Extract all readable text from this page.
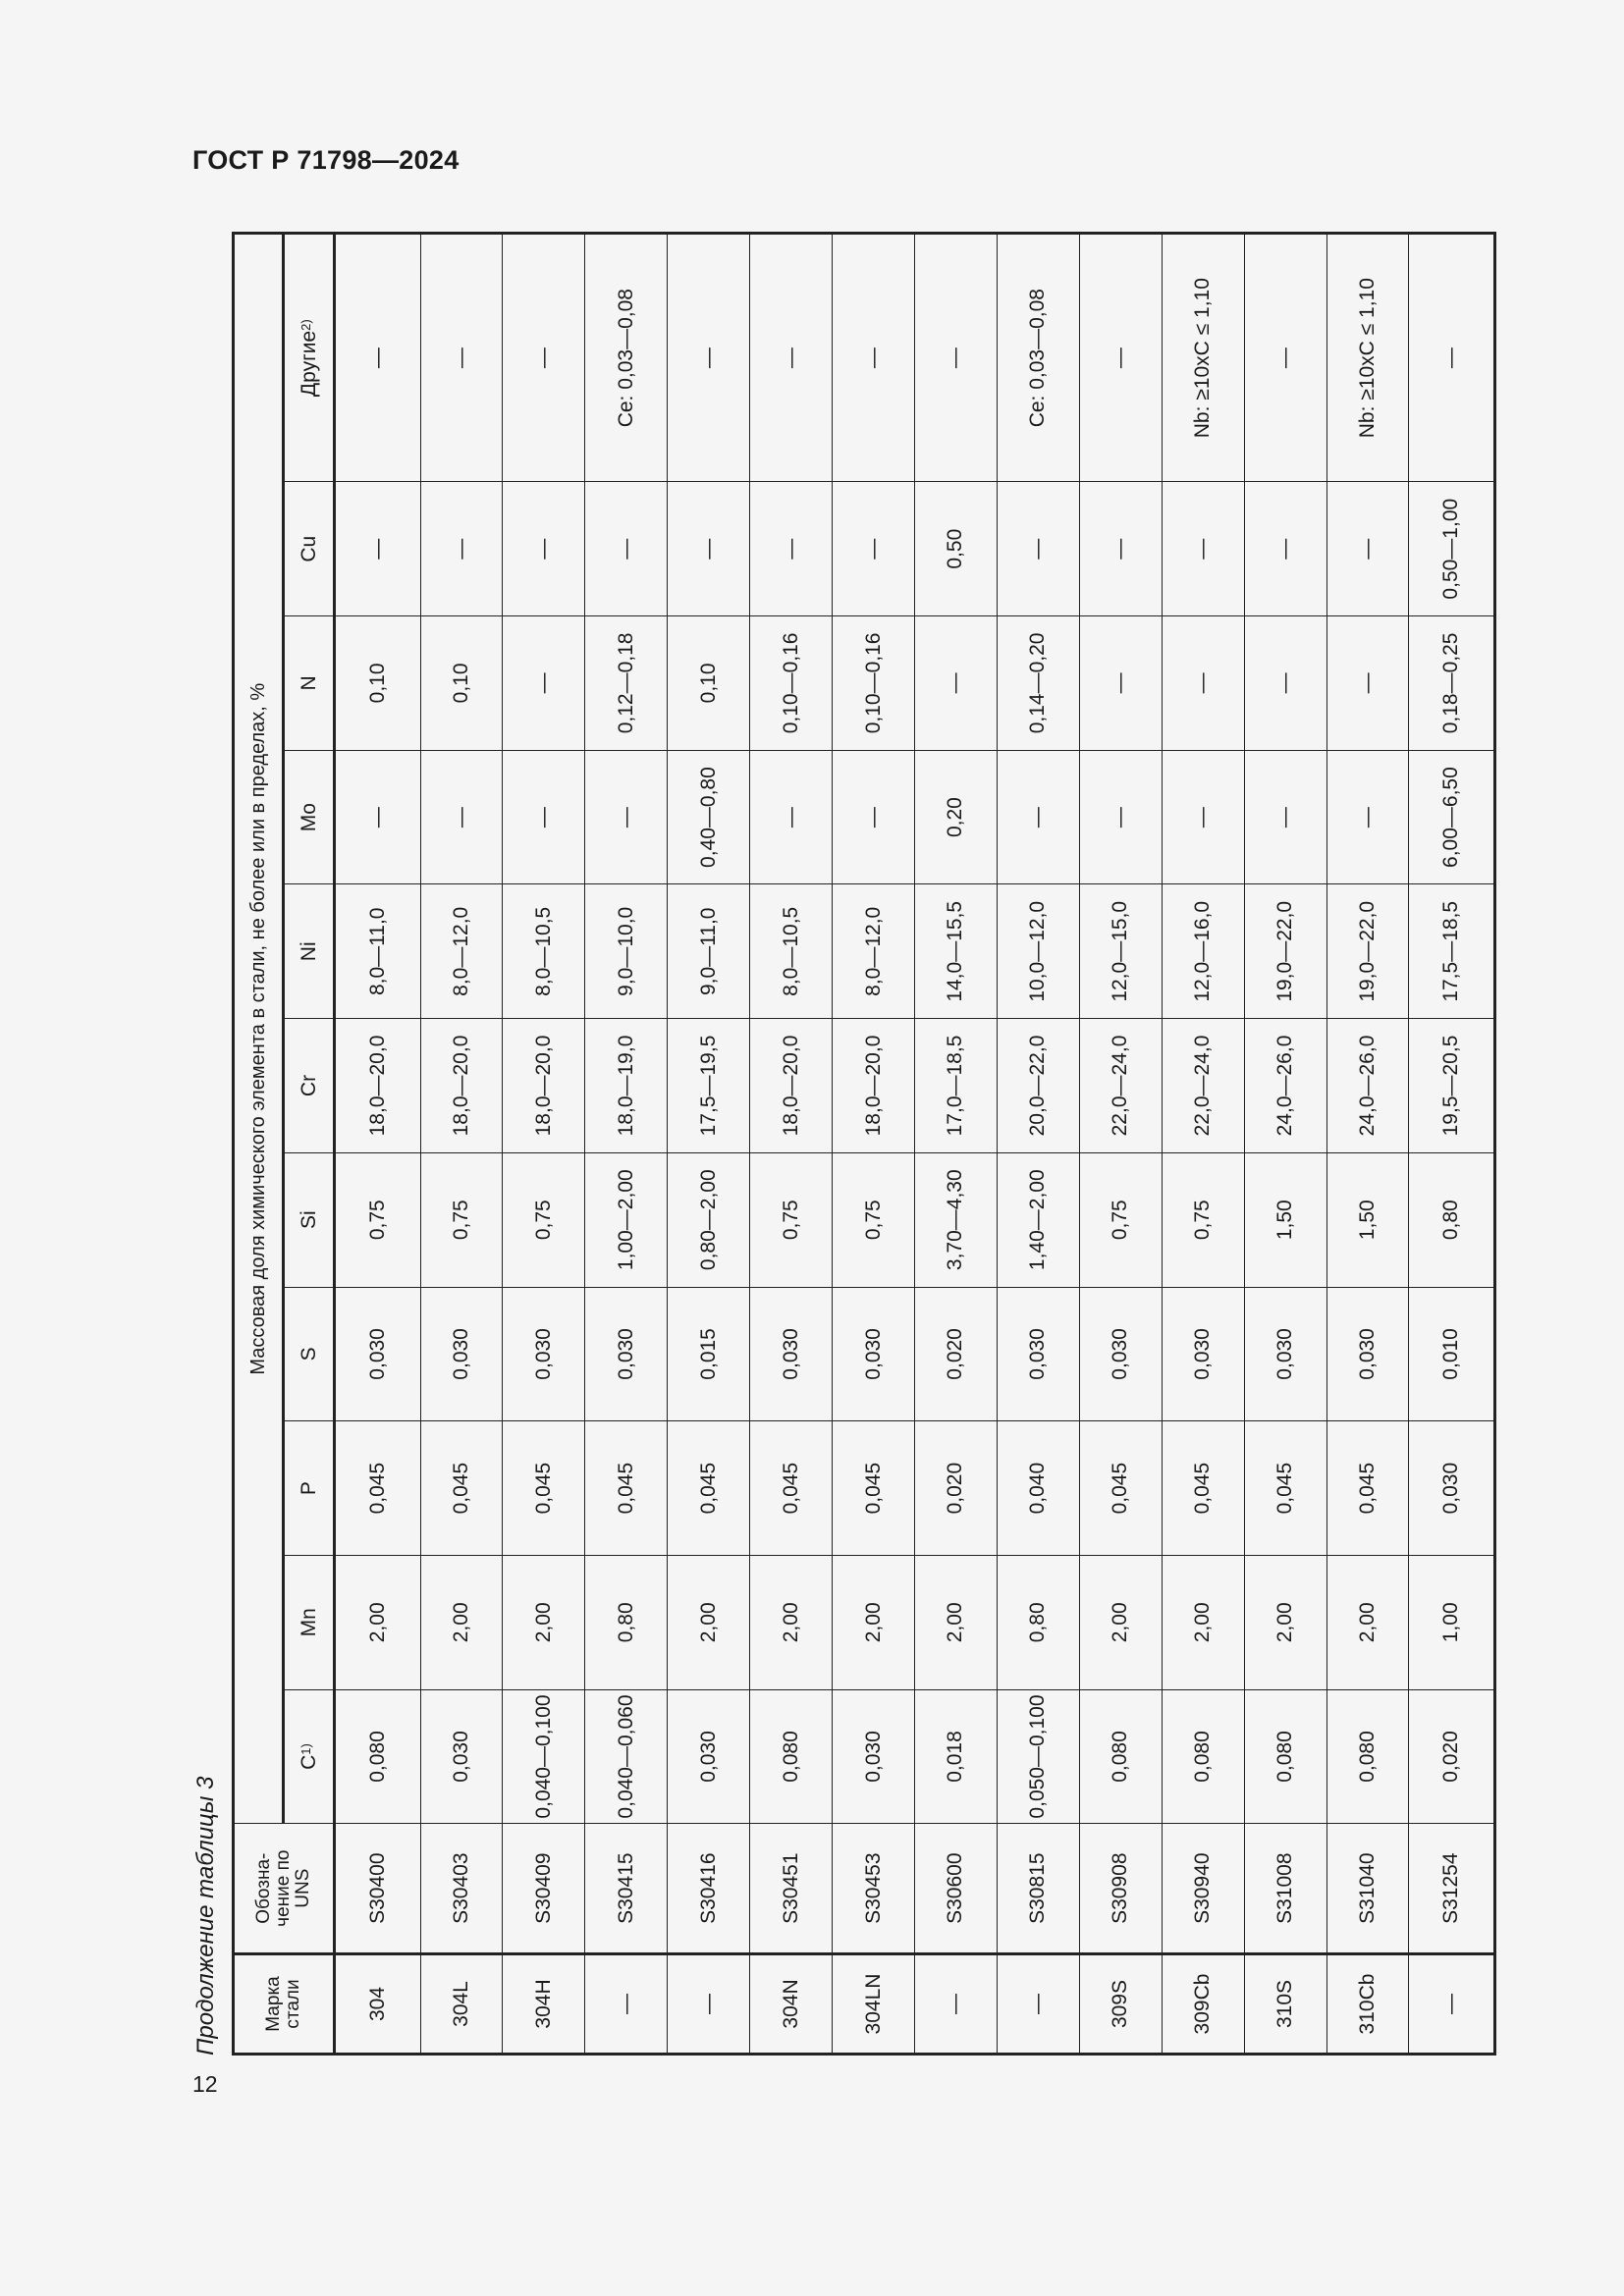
ГОСТ Р 71798—2024
Продолжение таблицы 3
12
Марка стали	Обозна-чение по UNS	Массовая доля химического элемента в стали, не более или в пределах, %										
		$C^{1)}$	Mn	P	S	Si	Cr	Ni	Mo	N	Cu	Другие$^{2)}$
304	S30400	0,080	2,00	0,045	0,030	0,75	18,0—20,0	8,0—11,0	—	0,10	—	—
304L	S30403	0,030	2,00	0,045	0,030	0,75	18,0—20,0	8,0—12,0	—	0,10	—	—
304H	S30409	0,040—0,100	2,00	0,045	0,030	0,75	18,0—20,0	8,0—10,5	—	—	—	—
—	S30415	0,040—0,060	0,80	0,045	0,030	1,00—2,00	18,0—19,0	9,0—10,0	—	0,12—0,18	—	Ce: 0,03—0,08
—	S30416	0,030	2,00	0,045	0,015	0,80—2,00	17,5—19,5	9,0—11,0	0,40—0,80	0,10	—	—
304N	S30451	0,080	2,00	0,045	0,030	0,75	18,0—20,0	8,0—10,5	—	0,10—0,16	—	—
304LN	S30453	0,030	2,00	0,045	0,030	0,75	18,0—20,0	8,0—12,0	—	0,10—0,16	—	—
—	S30600	0,018	2,00	0,020	0,020	3,70—4,30	17,0—18,5	14,0—15,5	0,20	—	0,50	—
—	S30815	0,050—0,100	0,80	0,040	0,030	1,40—2,00	20,0—22,0	10,0—12,0	—	0,14—0,20	—	Ce: 0,03—0,08
309S	S30908	0,080	2,00	0,045	0,030	0,75	22,0—24,0	12,0—15,0	—	—	—	—
309Cb	S30940	0,080	2,00	0,045	0,030	0,75	22,0—24,0	12,0—16,0	—	—	—	Nb: ≥10xC ≤ 1,10
310S	S31008	0,080	2,00	0,045	0,030	1,50	24,0—26,0	19,0—22,0	—	—	—	—
310Cb	S31040	0,080	2,00	0,045	0,030	1,50	24,0—26,0	19,0—22,0	—	—	—	Nb: ≥10xC ≤ 1,10
—	S31254	0,020	1,00	0,030	0,010	0,80	19,5—20,5	17,5—18,5	6,00—6,50	0,18—0,25	0,50—1,00	—
